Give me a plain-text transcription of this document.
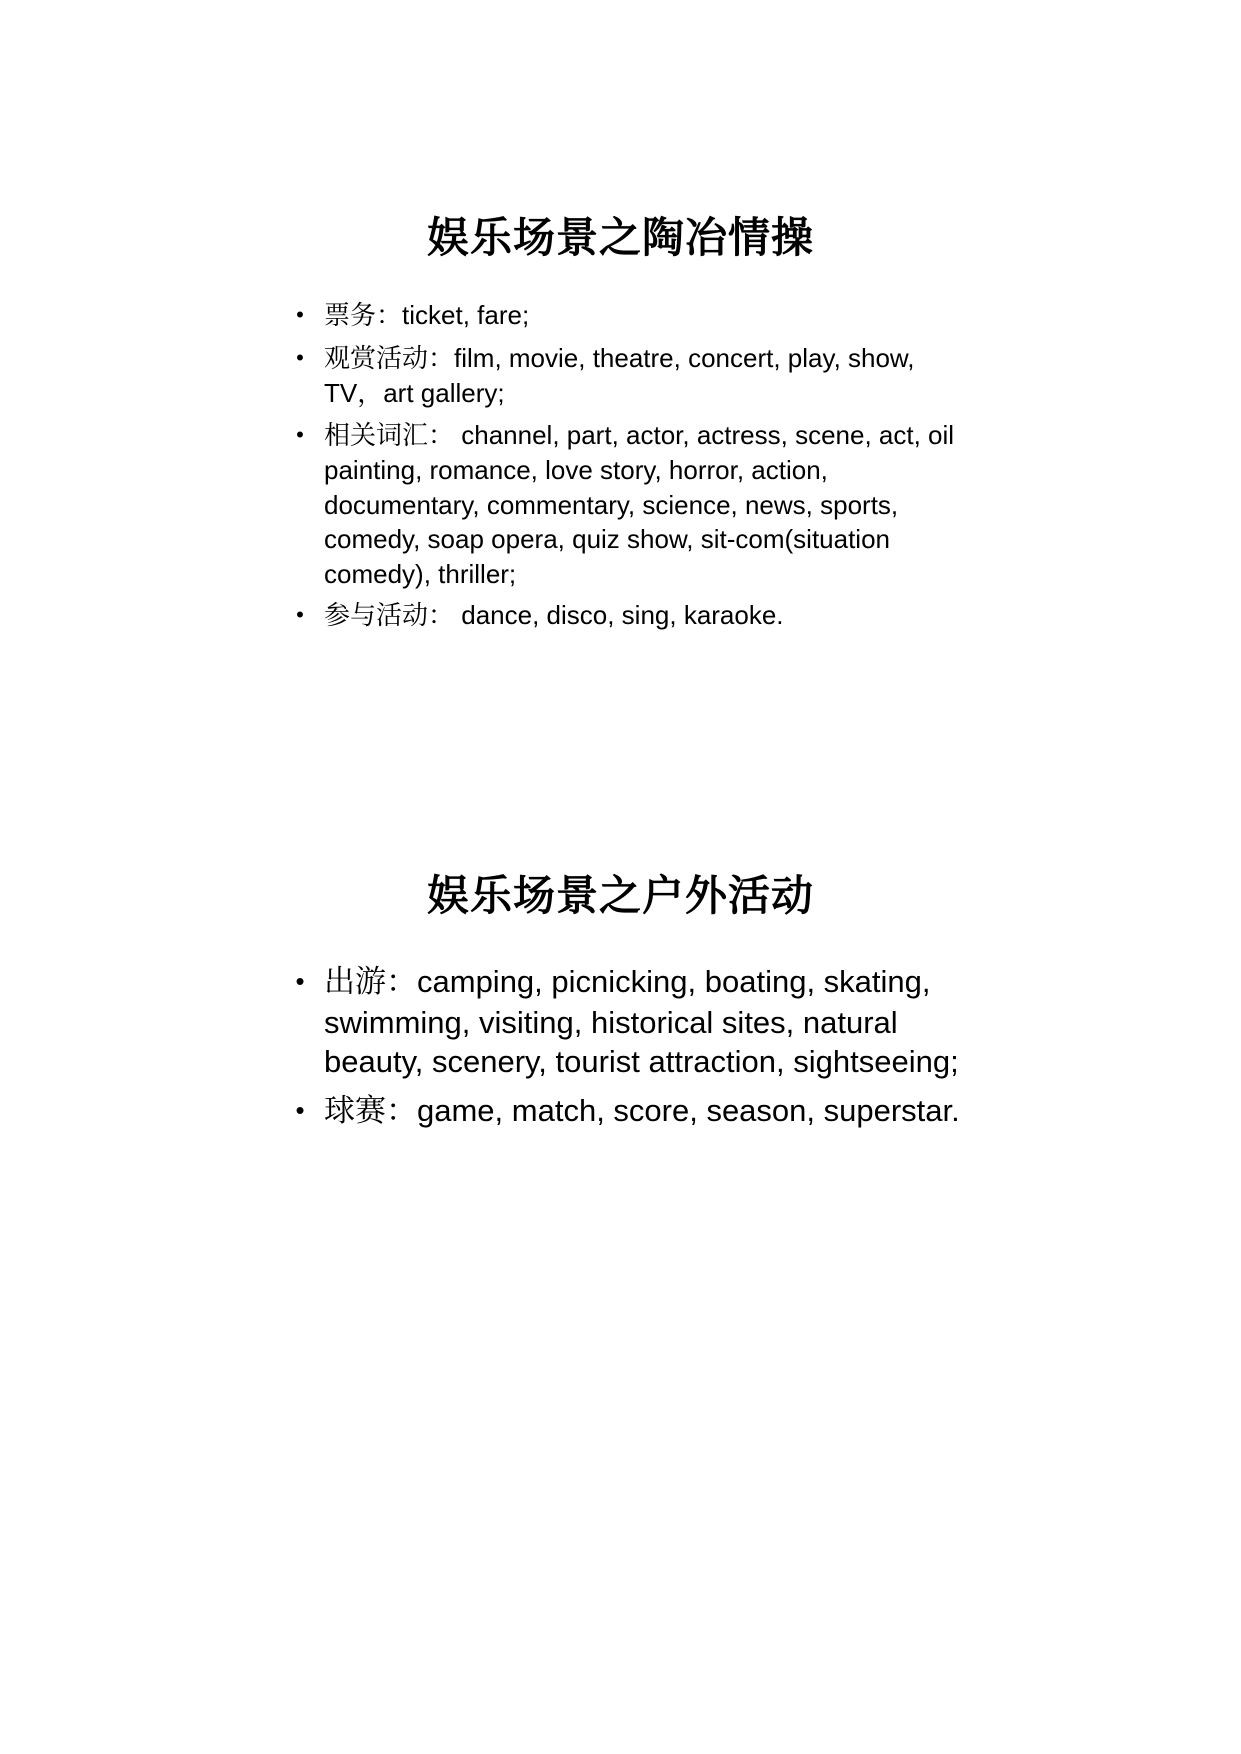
娱乐场景之陶冶情操
• 票务：ticket, fare;
• 观赏活动：film, movie, theatre, concert, play, show, TV，art gallery;
• 相关词汇： channel, part, actor, actress, scene, act, oil painting, romance, love story, horror, action, documentary, commentary, science, news, sports, comedy, soap opera, quiz show, sit-com(situation comedy), thriller;
• 参与活动： dance, disco, sing, karaoke.
娱乐场景之户外活动
• 出游：camping, picnicking, boating, skating, swimming, visiting, historical sites, natural beauty, scenery, tourist attraction, sightseeing;
• 球赛：game, match, score, season, superstar.
